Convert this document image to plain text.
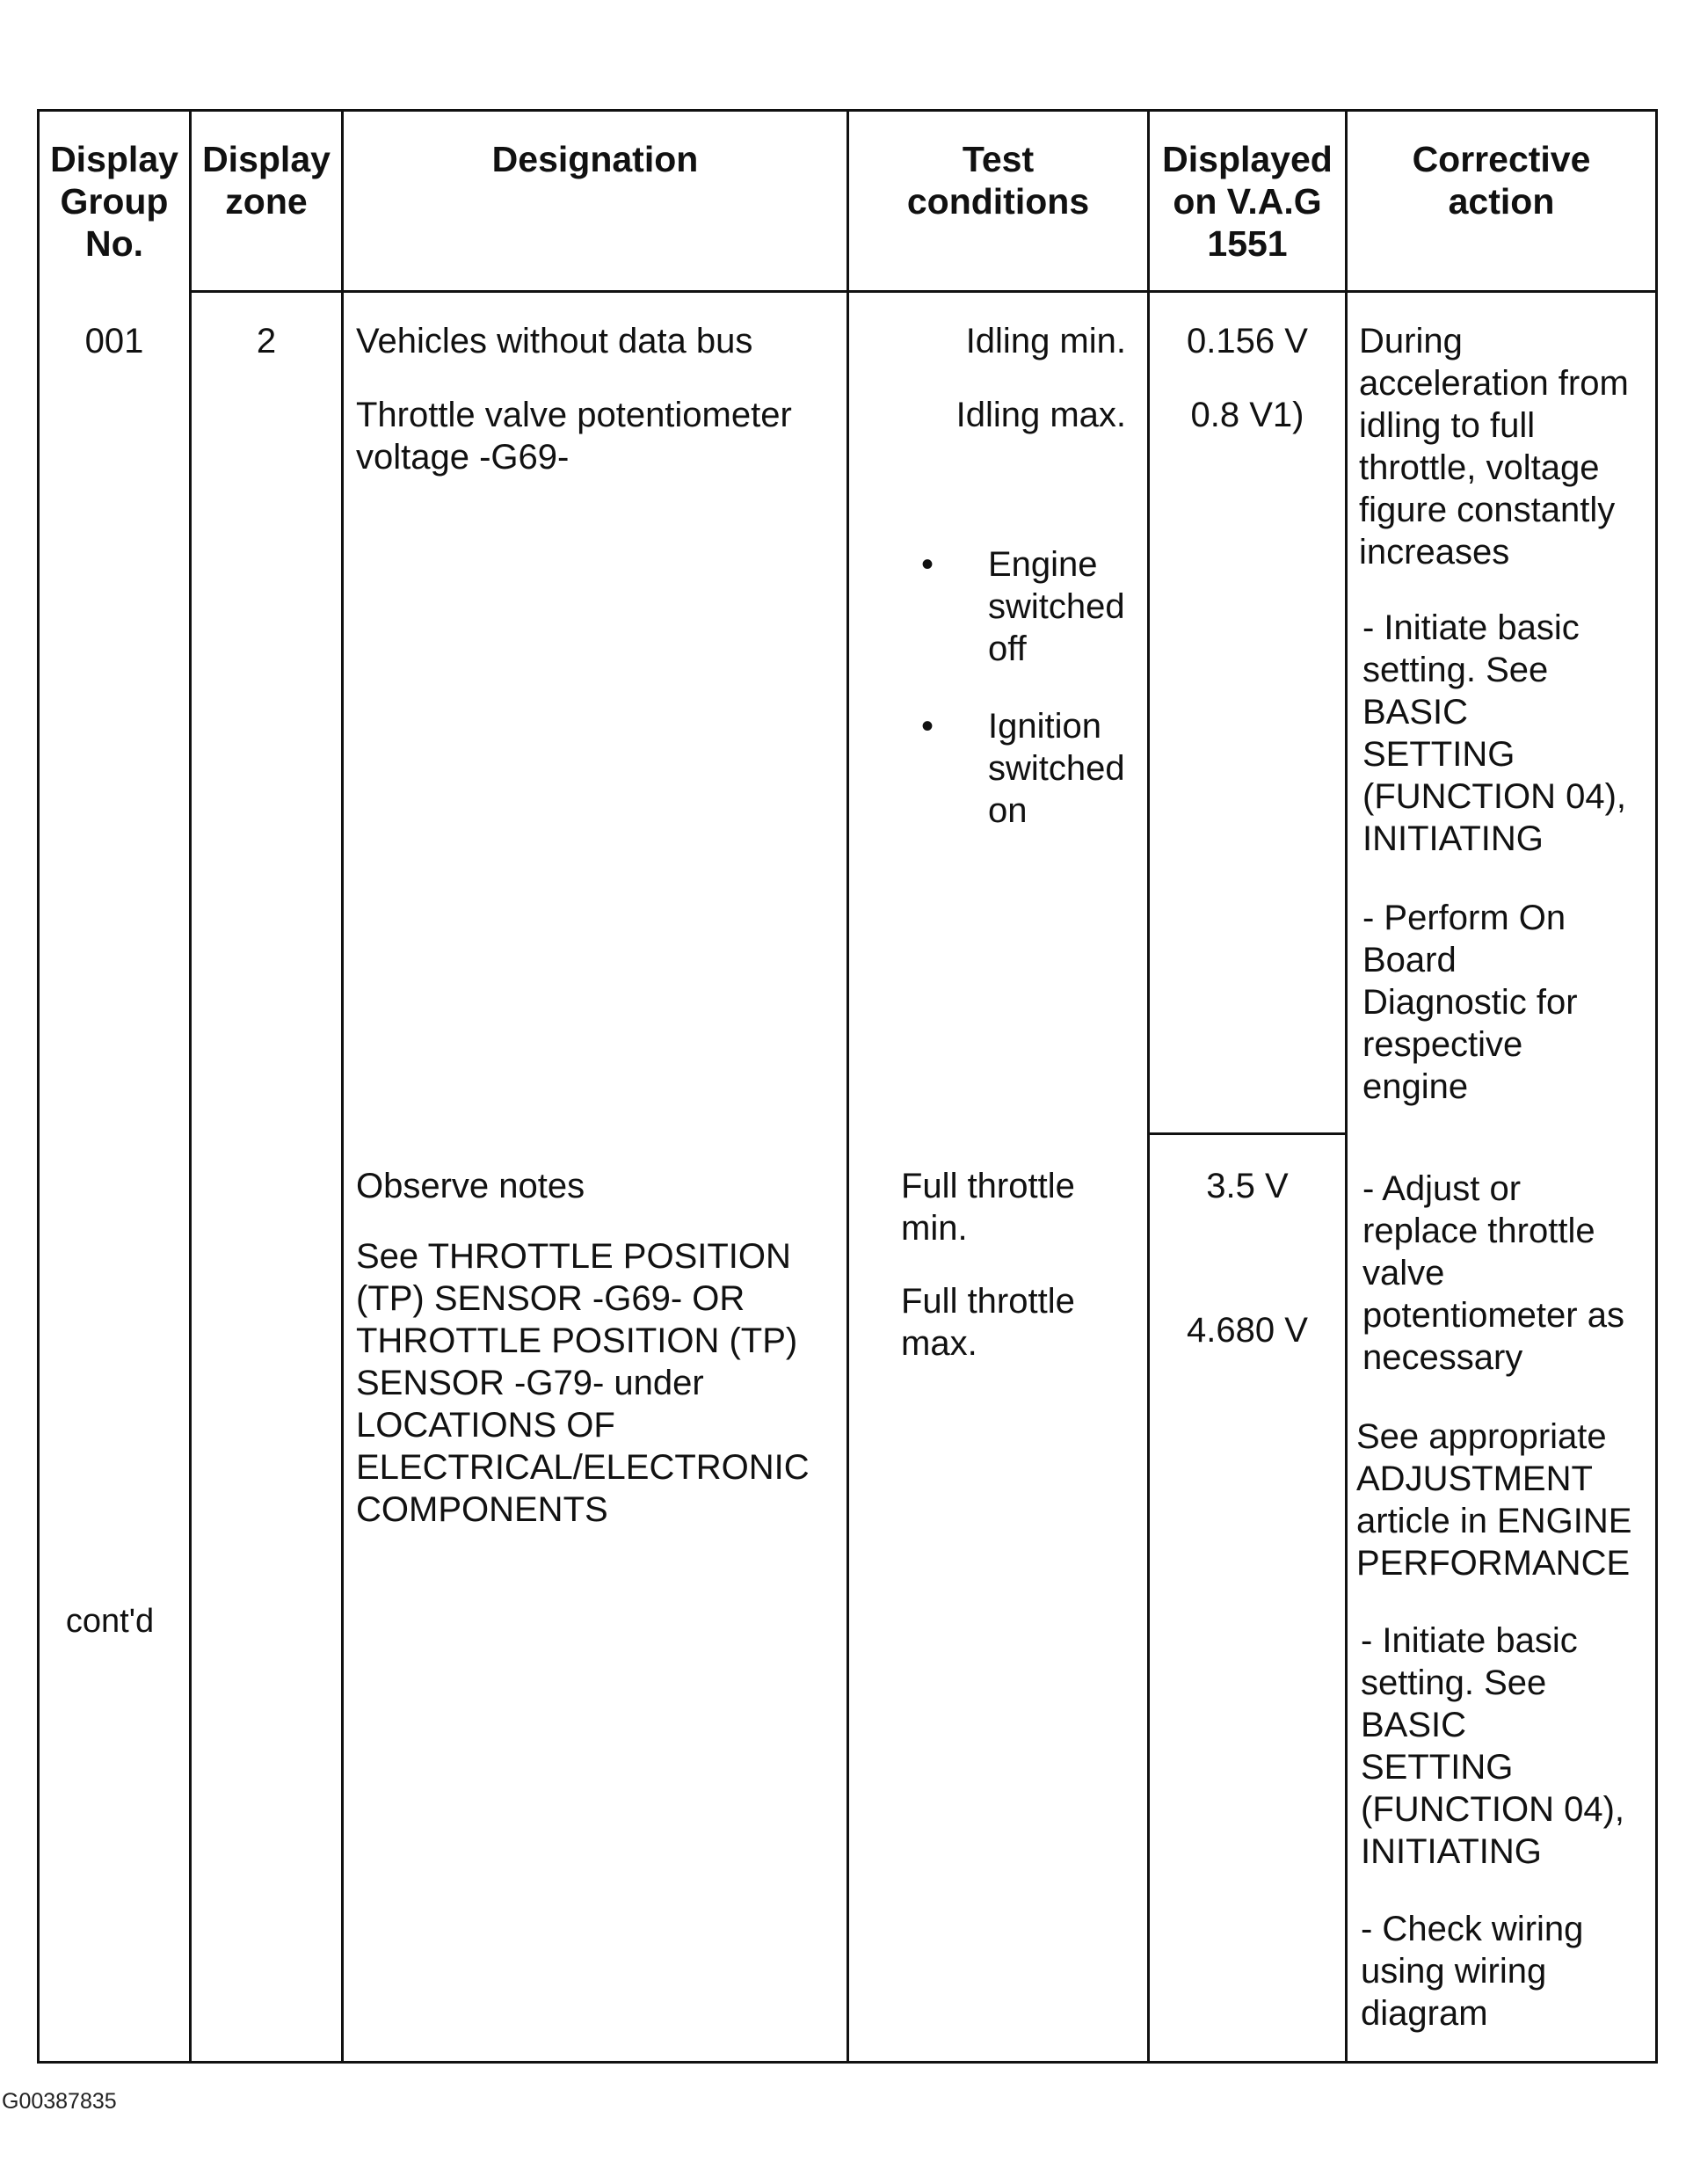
Display
Group
No.
Display
zone
Designation	Test
conditions
Displayed
on V.A.G
1551
Corrective
action
001	2
cont'd
Vehicles without data bus
Throttle valve potentiometer
voltage -G69-
Observe notes
See THROTTLE POSITION
(TP) SENSOR -G69- OR
THROTTLE POSITION (TP)
SENSOR -G79- under
LOCATIONS OF
ELECTRICAL/ELECTRONIC
COMPONENTS
Idling min.
Idling max.
• Engine
switched
off
• Ignition
switched
on
Full throttle
min.
Full throttle
max.
0.156 V
0.8 V1)
3.5 V
4.680 V
During
acceleration from
idling to full
throttle, voltage
figure constantly
increases
- Initiate basic
setting. See
BASIC
SETTING
(FUNCTION 04),
INITIATING
- Perform On
Board
Diagnostic for
respective
engine
- Adjust or
replace throttle
valve
potentiometer as
necessary
See appropriate
ADJUSTMENT
article in ENGINE
PERFORMANCE
- Initiate basic
setting. See
BASIC
SETTING
(FUNCTION 04),
INITIATING
- Check wiring
using wiring
diagram
G00387835
